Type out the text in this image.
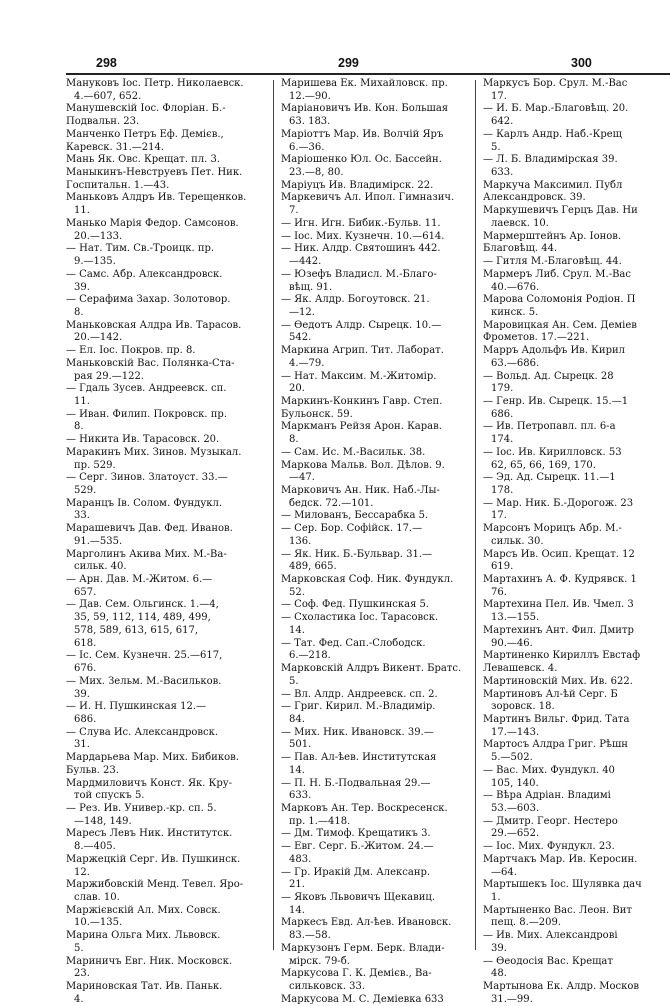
298	299	300
Мануковъ Іос. Петр. Николаевск.
4.—607, 652.
Манушевскій Іос. Флоріан. Б.-
Подвальн. 23.
Манченко Петръ Еф. Демієв.,
Каревск. 31.—214.
Мань Як. Овс. Крещат. пл. 3.
Маныкинъ-Невструевъ Пет. Ник.
Госпитальн. 1.—43.
Маньковъ Алдръ Ив. Терещенков.
11.
Манько Марія Федор. Самсонов.
20.—133.
— Нат. Тим. Св.-Троицк. пр.
9.—135.
— Самс. Абр. Александровск.
39.
— Серафима Захар. Золотовор.
8.
Маньковская Алдра Ив. Тарасов.
20.—142.
— Ел. Іос. Покров. пр. 8.
Маньковскій Вас. Полянка-Ста-
рая 29.—122.
— Гдаль Зусев. Андреевск. сп.
11.
— Иван. Филип. Покровск. пр.
8.
— Никита Ив. Тарасовск. 20.
Маракинъ Мих. Зинов. Музыкал.
пр. 529.
— Серг. Зинов. Златоуст. 33.—
529.
Маранцъ Ів. Солом. Фундукл.
33.
Марашевичъ Дав. Фед. Иванов.
91.—535.
Марголинъ Акива Мих. М.-Ва-
сильк. 40.
— Арн. Дав. М.-Житом. 6.—
657.
— Дав. Сем. Ольгинск. 1.—4,
35, 59, 112, 114, 489, 499,
578, 589, 613, 615, 617,
618.
— Іс. Сем. Кузнечн. 25.—617,
676.
— Мих. Зельм. М.-Васильков.
39.
— И. Н. Пушкинская 12.—
686.
— Слува Ис. Александровск.
31.
Мардарьева Мар. Мих. Бибиков.
Бульв. 23.
Мардмиловичъ Конст. Як. Кру-
той спускъ 5.
— Рез. Ив. Универ.-кр. сп. 5.
—148, 149.
Маресъ Левъ Ник. Институтск.
8.—405.
Маржецкій Серг. Ив. Пушкинск.
12.
Маржибовскій Менд. Тевел. Яро-
слав. 10.
Маржієвскій Ал. Мих. Совск.
10.—135.
Марина Ольга Мих. Львовск.
5.
Мариничъ Евг. Ник. Московск.
23.
Мариновская Тат. Ив. Паньк.
4.
Маришева Ек. Михайловск. пр.
12.—90.
Маріановичъ Ив. Кон. Большая
63. 183.
Маріоттъ Мар. Ив. Волчій Яръ
6.—36.
Маріошенко Юл. Ос. Бассейн.
23.—8, 80.
Маріуцъ Ив. Владимірск. 22.
Маркевичъ Ал. Ипол. Гимназич.
7.
— Игн. Игн. Бибик.-Бульв. 11.
— Іос. Мих. Кузнечн. 10.—614.
— Ник. Алдр. Святошинъ 442.
—442.
— Юзефъ Владисл. М.-Благо-
вѣщ. 91.
— Як. Алдр. Богоутовск. 21.
—12.
— Өедотъ Алдр. Сырецк. 10.—
542.
Маркина Агрип. Тит. Лаборат.
4.—79.
— Нат. Максим. М.-Житомір.
20.
Маркинъ-Конкинъ Гавр. Степ.
Бульонск. 59.
Маркманъ Рейзя Арон. Карав.
8.
— Сам. Ис. М.-Васильк. 38.
Маркова Мальв. Вол. Дѣлов. 9.
—47.
Марковичъ Ан. Ник. Наб.-Лы-
бедск. 72.—101.
— Милованъ, Бессарабка 5.
— Сер. Бор. Софійск. 17.—
136.
— Як. Ник. Б.-Бульвар. 31.—
489, 665.
Марковская Соф. Ник. Фундукл.
52.
— Соф. Фед. Пушкинская 5.
— Схоластика Іос. Тарасовск.
14.
— Тат. Фед. Сап.-Слободск.
6.—218.
Марковскій Алдръ Викент. Братс.
5.
— Вл. Алдр. Андреевск. сп. 2.
— Григ. Кирил. М.-Владимір.
84.
— Мих. Ник. Ивановск. 39.—
501.
— Пав. Ал-ѣев. Институтская
14.
— П. Н. Б.-Подвальная 29.—
633.
Марковъ Ан. Тер. Воскресенск.
пр. 1.—418.
— Дм. Тимоф. Крещатикъ 3.
— Евг. Серг. Б.-Житом. 24.—
483.
— Гр. Иракій Дм. Алексанр.
21.
— Яковъ Львовичъ Щекавиц.
14.
Маркесъ Евд. Ал-ѣев. Ивановск.
83.—58.
Маркузонъ Герм. Берк. Влади-
мірск. 79-б.
Маркусова Г. К. Демієв., Ва-
сильковск. 33.
Маркусова М. С. Деміевка 633
Маркусъ Бор. Срул. М.-Вас
17.
— И. Б. Мар.-Благовѣщ. 20.
642.
— Карлъ Андр. Наб.-Крещ
5.
— Л. Б. Владимірская 39.
633.
Маркуча Максимил. Публ
Александровск. 39.
Маркушевичъ Герцъ Дав. Ни
лаевск. 10.
Мармерштейнъ Ар. Іонов.
Благовѣщ. 44.
— Гитля М.-Благовѣщ. 44.
Мармеръ Либ. Срул. М.-Вас
40.—676.
Марова Соломонія Родіон. П
кинск. 5.
Маровицкая Ан. Сем. Деміев
Фрометов. 17.—221.
Марръ Адольфъ Ив. Кирил
63.—686.
— Вольд. Ад. Сырецк. 28
179.
— Генр. Ив. Сырецк. 15.—1
686.
— Ив. Петропавл. пл. 6-а
174.
— Іос. Ив. Кирилловск. 53
62, 65, 66, 169, 170.
— Эд. Ад. Сырецк. 11.—1
178.
— Мар. Ник. Б.-Дорогож. 23
17.
Марсонъ Морицъ Абр. М.-
сильк. 30.
Марсъ Ив. Осип. Крещат. 12
619.
Мартахинъ А. Ф. Кудрявск. 1
76.
Мартехина Пел. Ив. Чмел. 3
13.—155.
Мартехинъ Ант. Фил. Дмитр
90.—46.
Мартиненко Кириллъ Евстаф
Левашевск. 4.
Мартиновскій Мих. Ив. 622.
Мартиновъ Ал-ѣй Серг. Б
зоровск. 18.
Мартинъ Вильг. Фрид. Тата
17.—143.
Мартосъ Алдра Григ. Рѣшн
5.—502.
— Вас. Мих. Фундукл. 40
105, 140.
— Вѣра Адріан. Владимі
53.—603.
— Дмитр. Георг. Нестеро
29.—652.
— Іос. Мих. Фундукл. 23.
Мартчакъ Мар. Ив. Керосин.
—64.
Мартышекъ Іос. Шулявка дач
1.
Мартыненко Вас. Леон. Вит
пещ. 8.—209.
— Ив. Мих. Александрові
39.
— Өеодосія Вас. Крещат
48.
Мартынова Ек. Алдр. Москов
31.—99.
